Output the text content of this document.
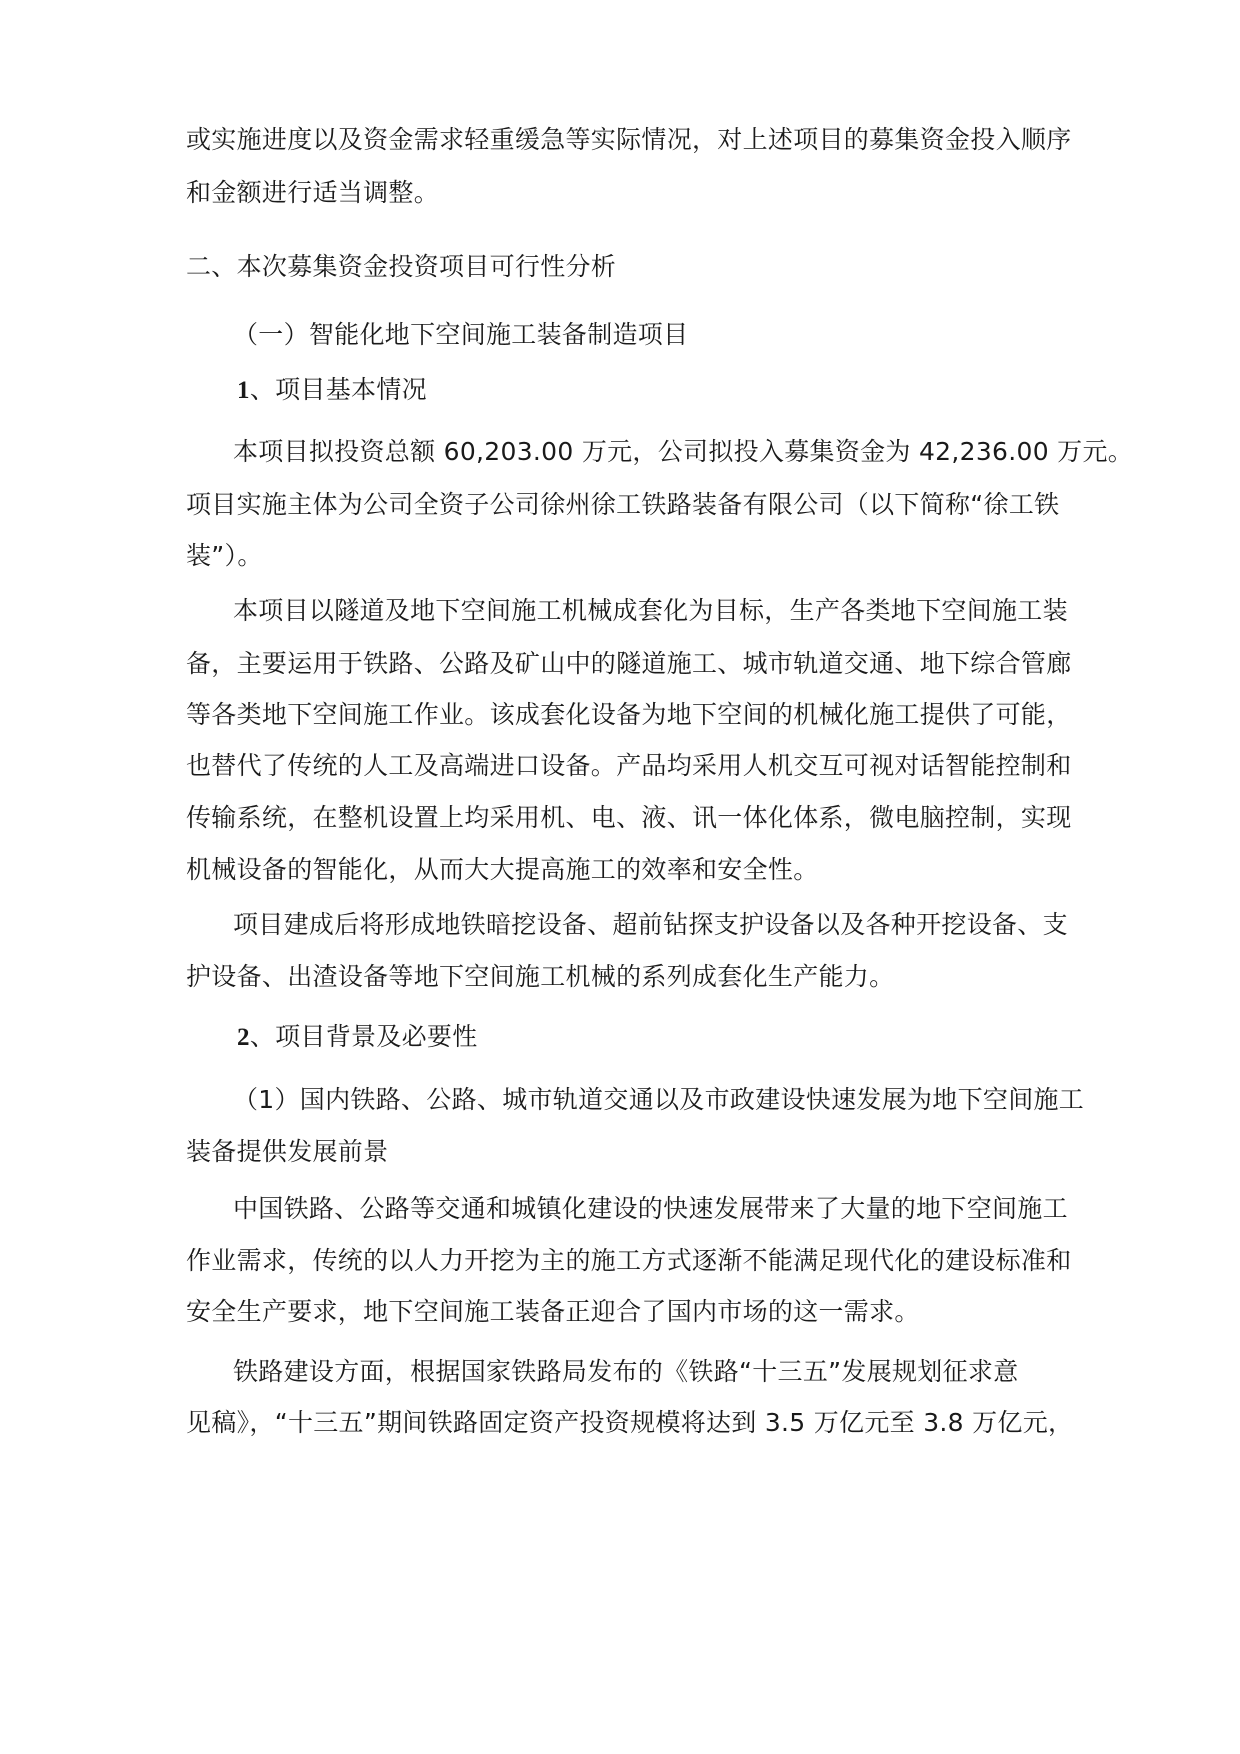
或实施进度以及资金需求轻重缓急等实际情况，对上述项目的募集资金投入顺序
和金额进行适当调整。
二、本次募集资金投资项目可行性分析
（一）智能化地下空间施工装备制造项目
1、项目基本情况
本项目拟投资总额 60,203.00 万元，公司拟投入募集资金为 42,236.00 万元。
项目实施主体为公司全资子公司徐州徐工铁路装备有限公司（以下简称“徐工铁
装”）。
本项目以隧道及地下空间施工机械成套化为目标，生产各类地下空间施工装
备，主要运用于铁路、公路及矿山中的隧道施工、城市轨道交通、地下综合管廊
等各类地下空间施工作业。该成套化设备为地下空间的机械化施工提供了可能，
也替代了传统的人工及高端进口设备。产品均采用人机交互可视对话智能控制和
传输系统，在整机设置上均采用机、电、液、讯一体化体系，微电脑控制，实现
机械设备的智能化，从而大大提高施工的效率和安全性。
项目建成后将形成地铁暗挖设备、超前钻探支护设备以及各种开挖设备、支
护设备、出渣设备等地下空间施工机械的系列成套化生产能力。
2、项目背景及必要性
（1）国内铁路、公路、城市轨道交通以及市政建设快速发展为地下空间施工
装备提供发展前景
中国铁路、公路等交通和城镇化建设的快速发展带来了大量的地下空间施工
作业需求，传统的以人力开挖为主的施工方式逐渐不能满足现代化的建设标准和
安全生产要求，地下空间施工装备正迎合了国内市场的这一需求。
铁路建设方面，根据国家铁路局发布的《铁路“十三五”发展规划征求意
见稿》，“十三五”期间铁路固定资产投资规模将达到 3.5 万亿元至 3.8 万亿元，
